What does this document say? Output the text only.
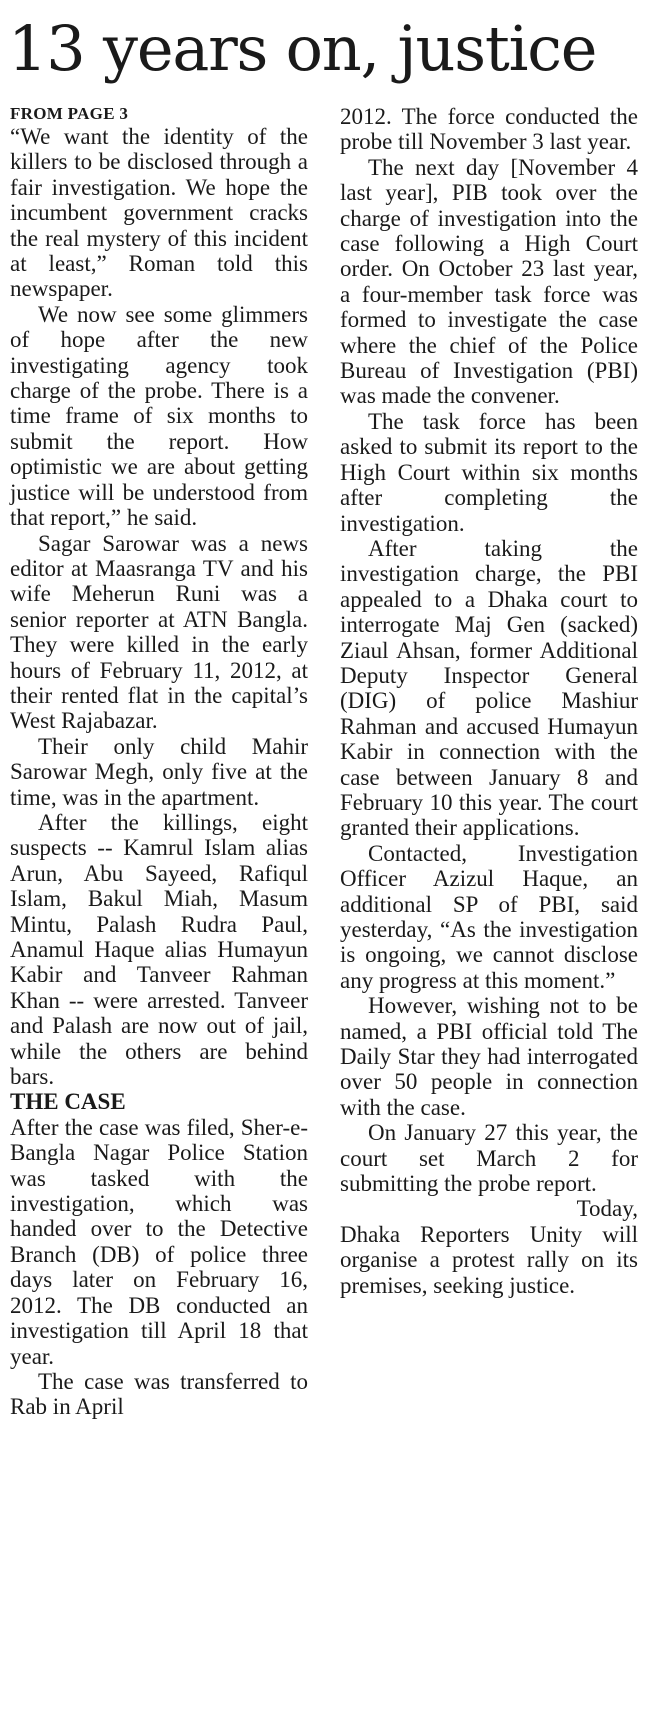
13 years on, justice
FROM PAGE 3

“We want the identity of the killers to be disclosed through a fair investigation. We hope the incumbent government cracks the real mystery of this incident at least,” Roman told this newspaper.

We now see some glimmers of hope after the new investigating agency took charge of the probe. There is a time frame of six months to submit the report. How optimistic we are about getting justice will be understood from that report,” he said.

Sagar Sarowar was a news editor at Maasranga TV and his wife Meherun Runi was a senior reporter at ATN Bangla. They were killed in the early hours of February 11, 2012, at their rented flat in the capital’s West Rajabazar.

Their only child Mahir Sarowar Megh, only five at the time, was in the apartment.

After the killings, eight suspects -- Kamrul Islam alias Arun, Abu Sayeed, Rafiqul Islam, Bakul Miah, Masum Mintu, Palash Rudra Paul, Anamul Haque alias Humayun Kabir and Tanveer Rahman Khan -- were arrested. Tanveer and Palash are now out of jail, while the others are behind bars.

THE CASE

After the case was filed, Sher-e-Bangla Nagar Police Station was tasked with the investigation, which was handed over to the Detective Branch (DB) of police three days later on February 16, 2012. The DB conducted an investigation till April 18 that year.

The case was transferred to Rab in April

2012. The force conducted the probe till November 3 last year.

The next day [November 4 last year], PIB took over the charge of investigation into the case following a High Court order. On October 23 last year, a four-member task force was formed to investigate the case where the chief of the Police Bureau of Investigation (PBI) was made the convener.

The task force has been asked to submit its report to the High Court within six months after completing the investigation.

After taking the investigation charge, the PBI appealed to a Dhaka court to interrogate Maj Gen (sacked) Ziaul Ahsan, former Additional Deputy Inspector General (DIG) of police Mashiur Rahman and accused Humayun Kabir in connection with the case between January 8 and February 10 this year. The court granted their applications.

Contacted, Investigation Officer Azizul Haque, an additional SP of PBI, said yesterday, “As the investigation is ongoing, we cannot disclose any progress at this moment.”

However, wishing not to be named, a PBI official told The Daily Star they had interrogated over 50 people in connection with the case.

On January 27 this year, the court set March 2 for submitting the probe report.

Today,

Dhaka Reporters Unity will organise a protest rally on its premises, seeking justice.
